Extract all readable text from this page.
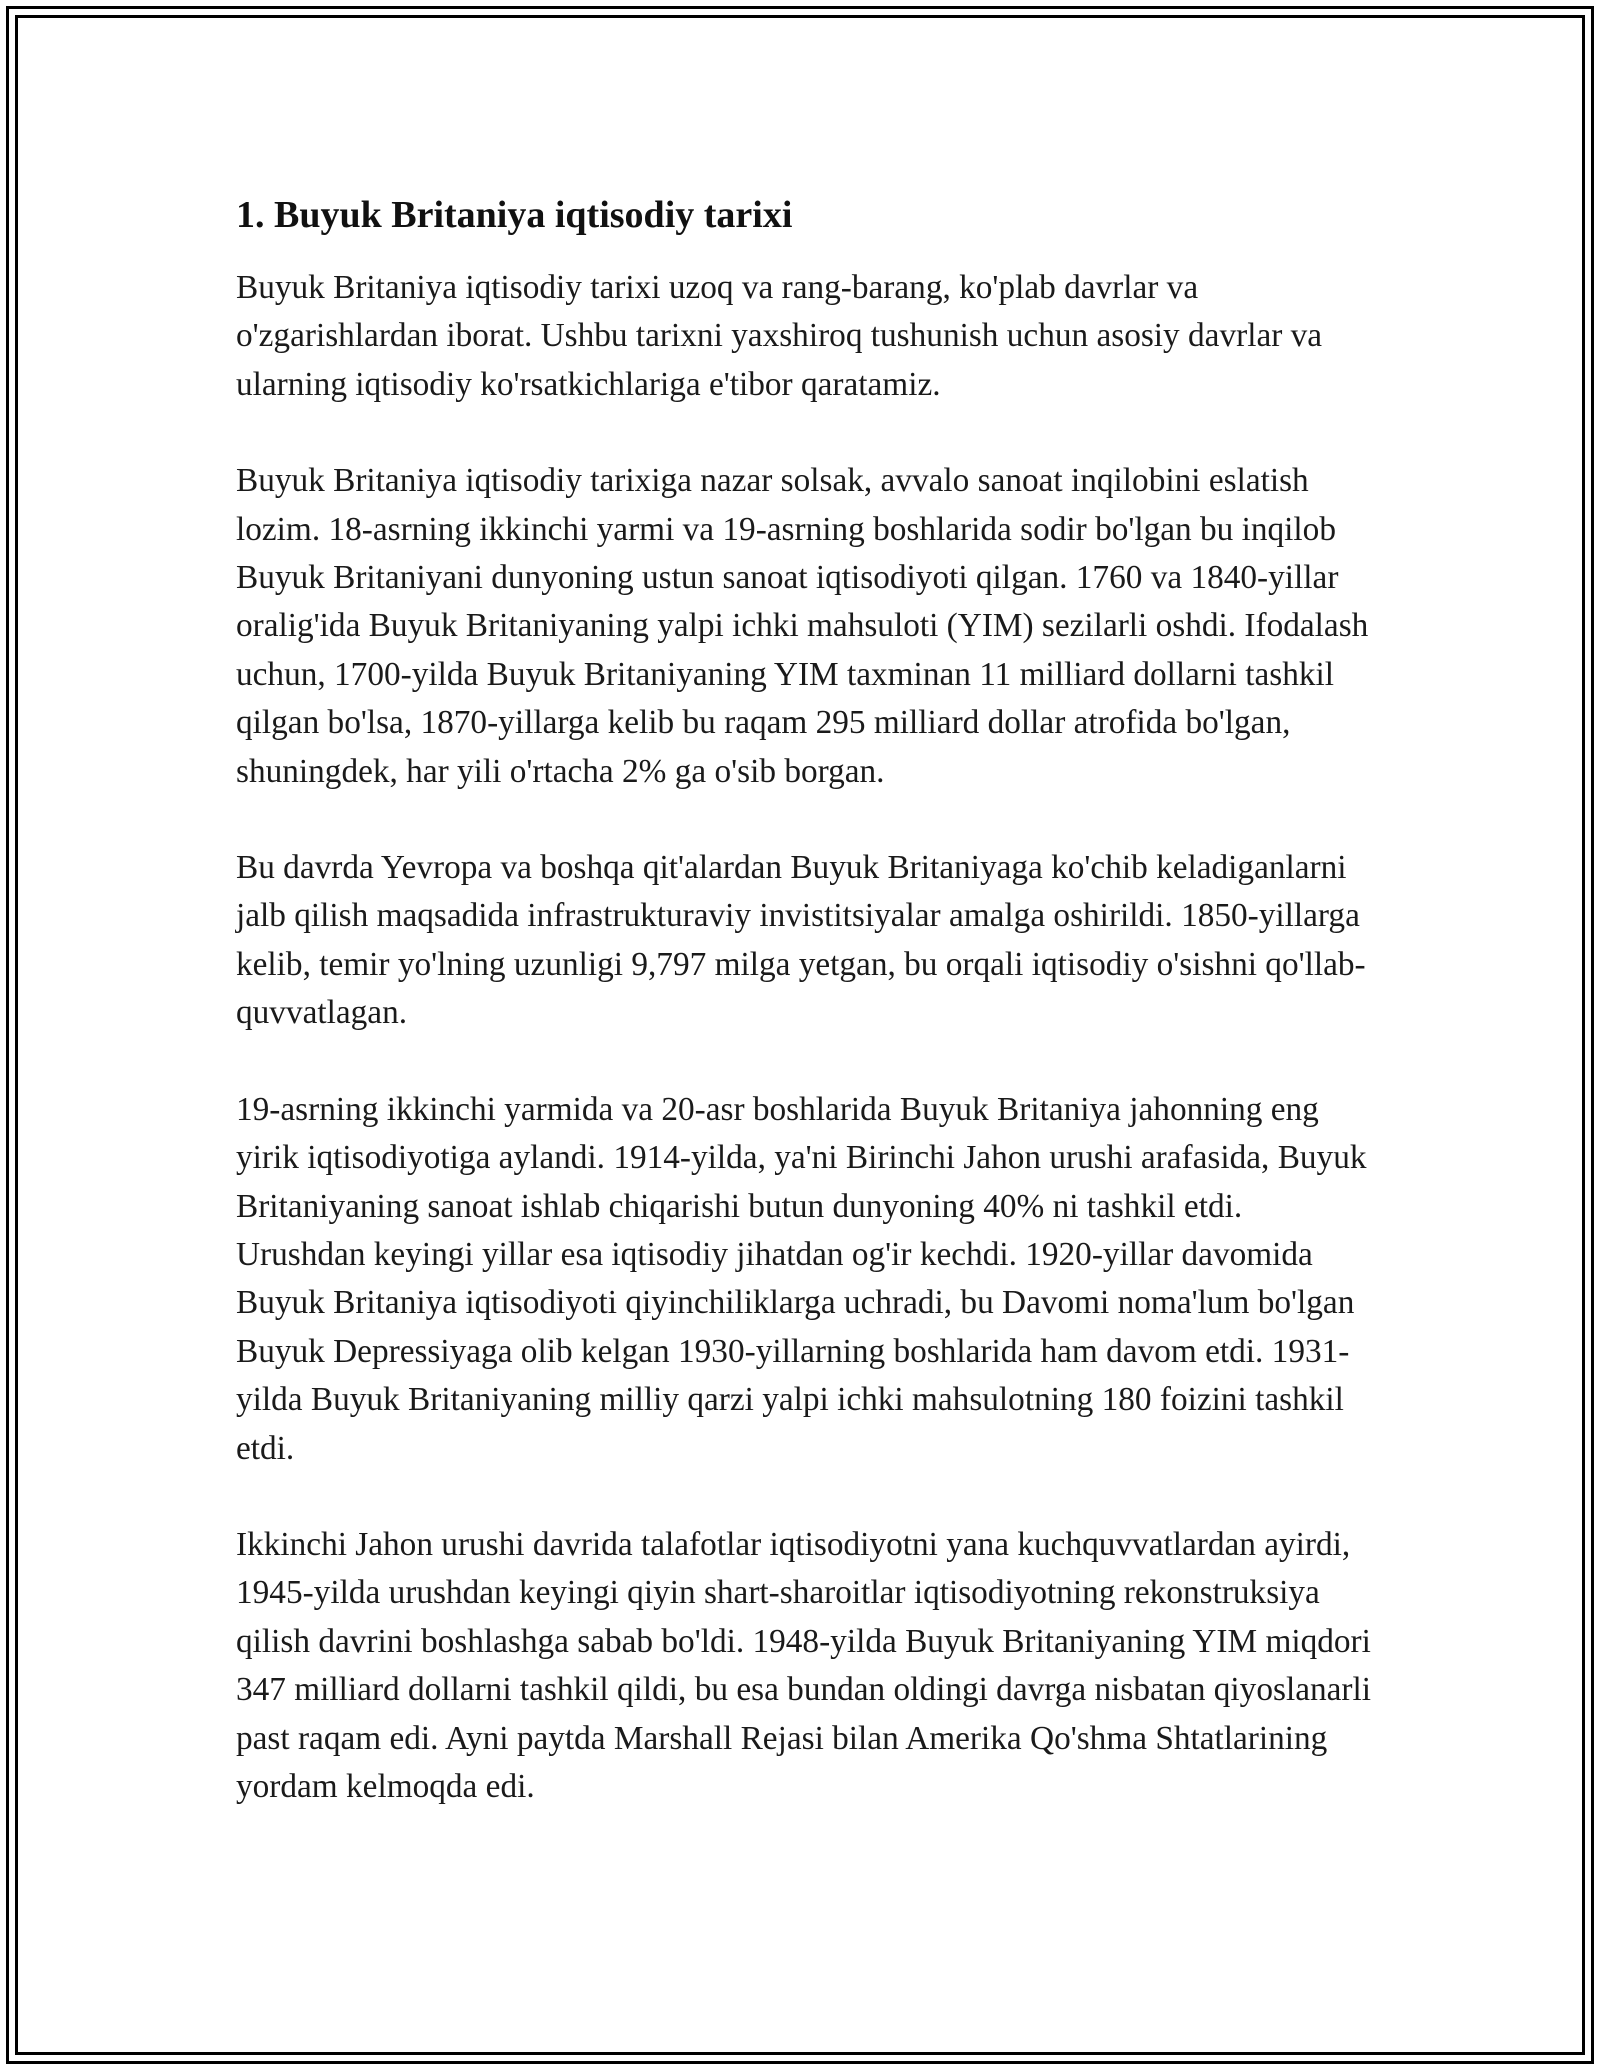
1. Buyuk Britaniya iqtisodiy tarixi

Buyuk Britaniya iqtisodiy tarixi uzoq va rang-barang, ko'plab davrlar va o'zgarishlardan iborat. Ushbu tarixni yaxshiroq tushunish uchun asosiy davrlar va ularning iqtisodiy ko'rsatkichlariga e'tibor qaratamiz.

Buyuk Britaniya iqtisodiy tarixiga nazar solsak, avvalo sanoat inqilobini eslatish lozim. 18-asrning ikkinchi yarmi va 19-asrning boshlarida sodir bo'lgan bu inqilob Buyuk Britaniyani dunyoning ustun sanoat iqtisodiyoti qilgan. 1760 va 1840-yillar oralig'ida Buyuk Britaniyaning yalpi ichki mahsuloti (YIM) sezilarli oshdi. Ifodalash uchun, 1700-yilda Buyuk Britaniyaning YIM taxminan 11 milliard dollarni tashkil qilgan bo'lsa, 1870-yillarga kelib bu raqam 295 milliard dollar atrofida bo'lgan, shuningdek, har yili o'rtacha 2% ga o'sib borgan.

Bu davrda Yevropa va boshqa qit'alardan Buyuk Britaniyaga ko'chib keladiganlarni jalb qilish maqsadida infrastrukturaviy invistitsiyalar amalga oshirildi. 1850-yillarga kelib, temir yo'lning uzunligi 9,797 milga yetgan, bu orqali iqtisodiy o'sishni qo'llab-quvvatlagan.

19-asrning ikkinchi yarmida va 20-asr boshlarida Buyuk Britaniya jahonning eng yirik iqtisodiyotiga aylandi. 1914-yilda, ya'ni Birinchi Jahon urushi arafasida, Buyuk Britaniyaning sanoat ishlab chiqarishi butun dunyoning 40% ni tashkil etdi. Urushdan keyingi yillar esa iqtisodiy jihatdan og'ir kechdi. 1920-yillar davomida Buyuk Britaniya iqtisodiyoti qiyinchiliklarga uchradi, bu Davomi noma'lum bo'lgan Buyuk Depressiyaga olib kelgan 1930-yillarning boshlarida ham davom etdi. 1931-yilda Buyuk Britaniyaning milliy qarzi yalpi ichki mahsulotning 180 foizini tashkil etdi.

Ikkinchi Jahon urushi davrida talafotlar iqtisodiyotni yana kuchquvvatlardan ayirdi, 1945-yilda urushdan keyingi qiyin shart-sharoitlar iqtisodiyotning rekonstruksiya qilish davrini boshlashga sabab bo'ldi. 1948-yilda Buyuk Britaniyaning YIM miqdori 347 milliard dollarni tashkil qildi, bu esa bundan oldingi davrga nisbatan qiyoslanarli past raqam edi. Ayni paytda Marshall Rejasi bilan Amerika Qo'shma Shtatlarining yordam kelmoqda edi.
